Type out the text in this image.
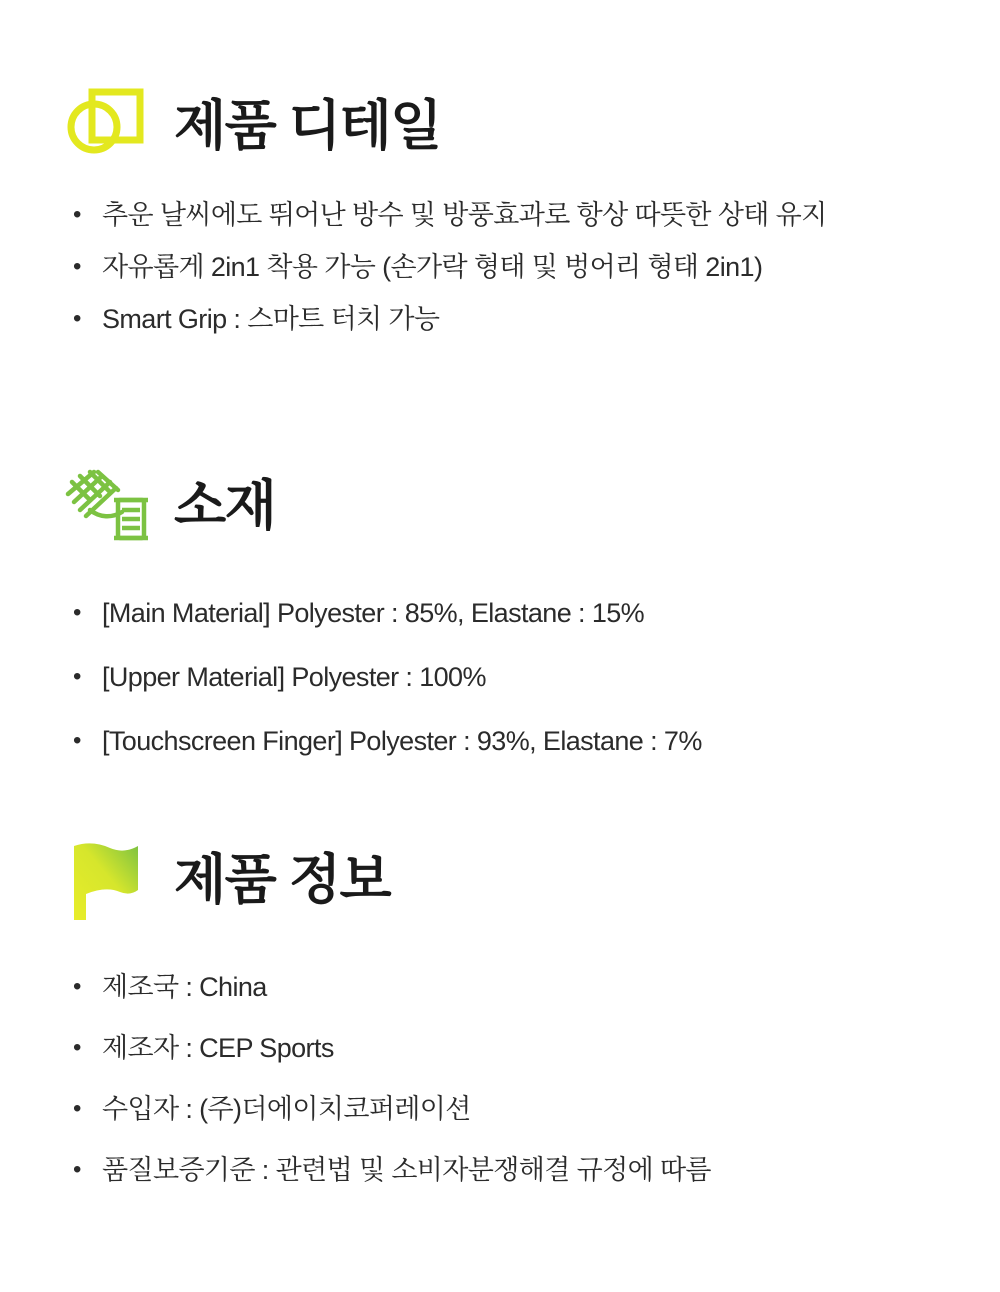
제품 디테일
• 추운 날씨에도 뛰어난 방수 및 방풍효과로 항상 따뜻한 상태 유지
• 자유롭게 2in1 착용 가능 (손가락 형태 및 벙어리 형태 2in1)
• Smart Grip : 스마트 터치 가능
소재
• [Main Material] Polyester : 85%, Elastane : 15%
• [Upper Material] Polyester : 100%
• [Touchscreen Finger] Polyester : 93%, Elastane : 7%
제품 정보
• 제조국 : China
• 제조자 : CEP Sports
• 수입자 : (주)더에이치코퍼레이션
• 품질보증기준 : 관련법 및 소비자분쟁해결 규정에 따름
